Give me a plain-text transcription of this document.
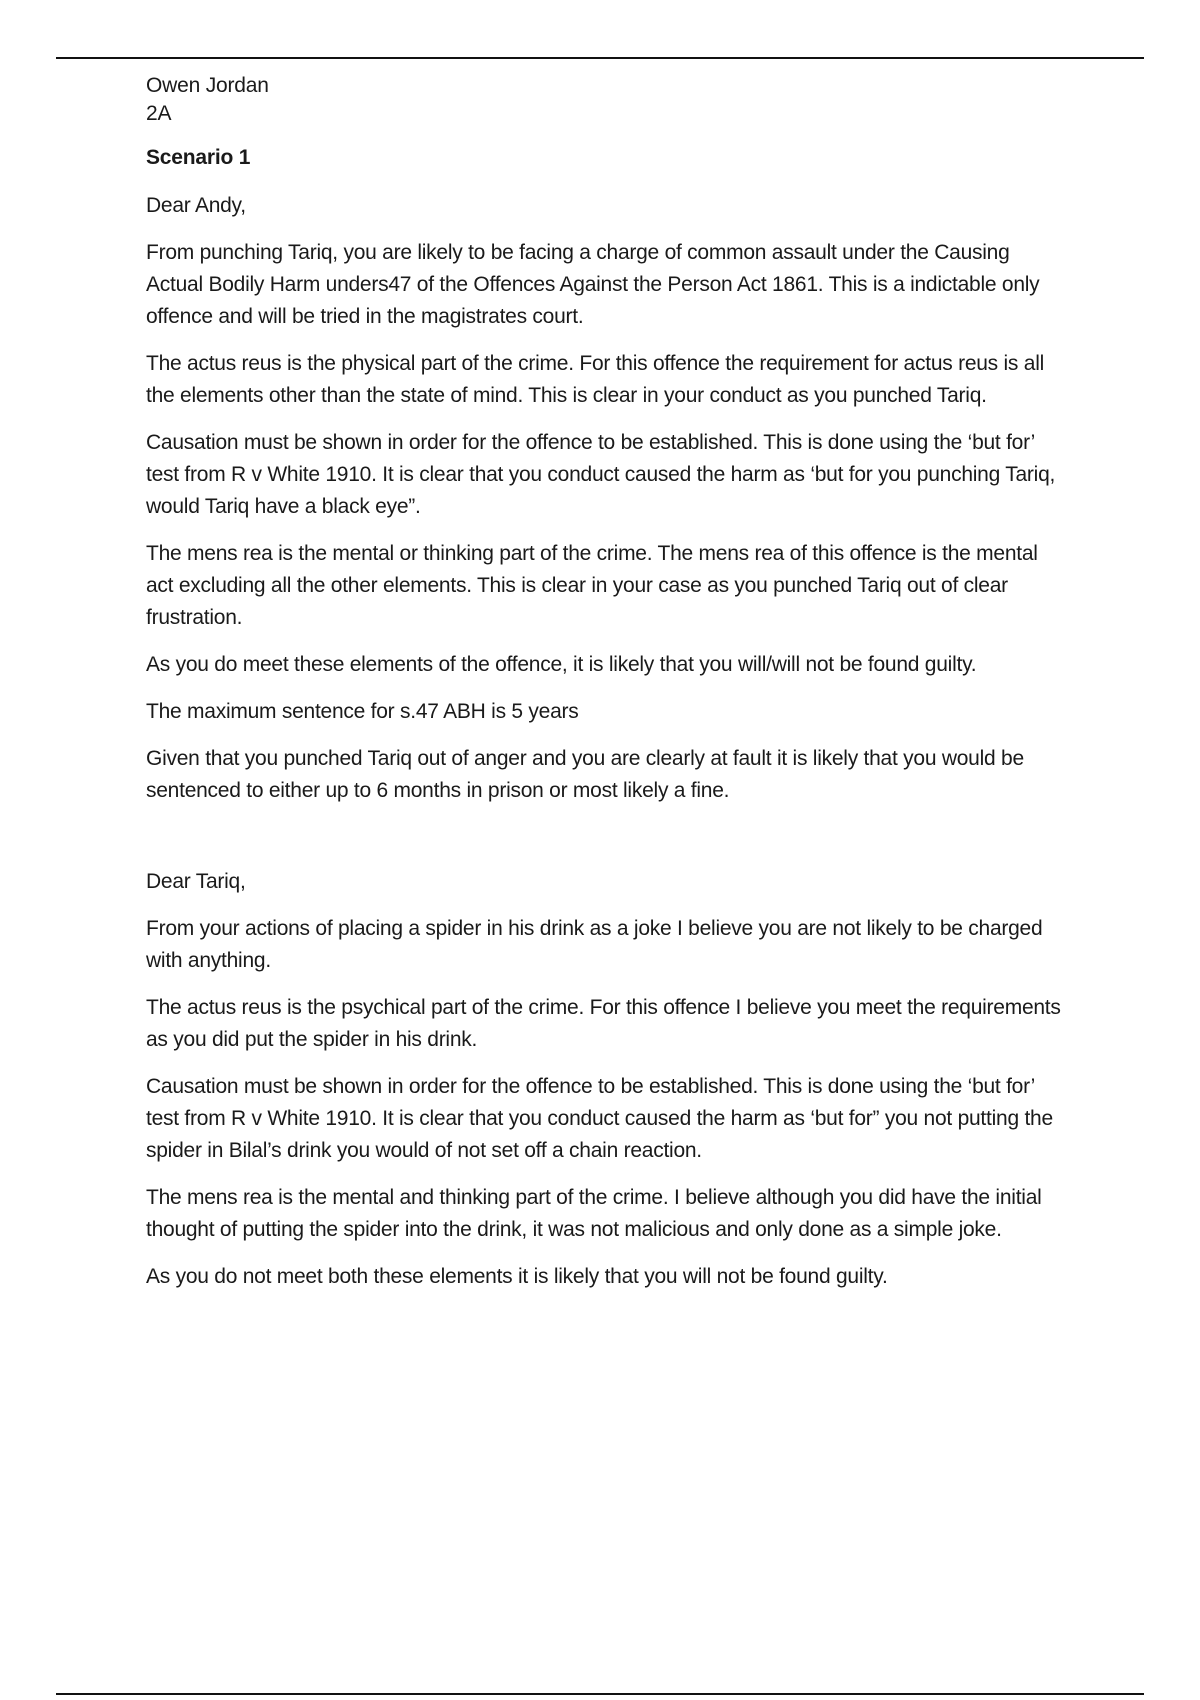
Owen Jordan
2A
Scenario 1

Dear Andy,

From punching Tariq, you are likely to be facing a charge of common assault under the Causing Actual Bodily Harm unders47 of the Offences Against the Person Act 1861. This is a indictable only offence and will be tried in the magistrates court.

The actus reus is the physical part of the crime. For this offence the requirement for actus reus is all the elements other than the state of mind. This is clear in your conduct as you punched Tariq.

Causation must be shown in order for the offence to be established. This is done using the ‘but for’ test from R v White 1910. It is clear that you conduct caused the harm as ‘but for you punching Tariq, would Tariq have a black eye”.

The mens rea is the mental or thinking part of the crime. The mens rea of this offence is the mental act excluding all the other elements. This is clear in your case as you punched Tariq out of clear frustration.

As you do meet these elements of the offence, it is likely that you will/will not be found guilty.

The maximum sentence for s.47 ABH is 5 years

Given that you punched Tariq out of anger and you are clearly at fault it is likely that you would be sentenced to either up to 6 months in prison or most likely a fine.

Dear Tariq,

From your actions of placing a spider in his drink as a joke I believe you are not likely to be charged with anything.

The actus reus is the psychical part of the crime. For this offence I believe you meet the requirements as you did put the spider in his drink.

Causation must be shown in order for the offence to be established. This is done using the ‘but for’ test from R v White 1910. It is clear that you conduct caused the harm as ‘but for” you not putting the spider in Bilal’s drink you would of not set off a chain reaction.

The mens rea is the mental and thinking part of the crime. I believe although you did have the initial thought of putting the spider into the drink, it was not malicious and only done as a simple joke.

As you do not meet both these elements it is likely that you will not be found guilty.
